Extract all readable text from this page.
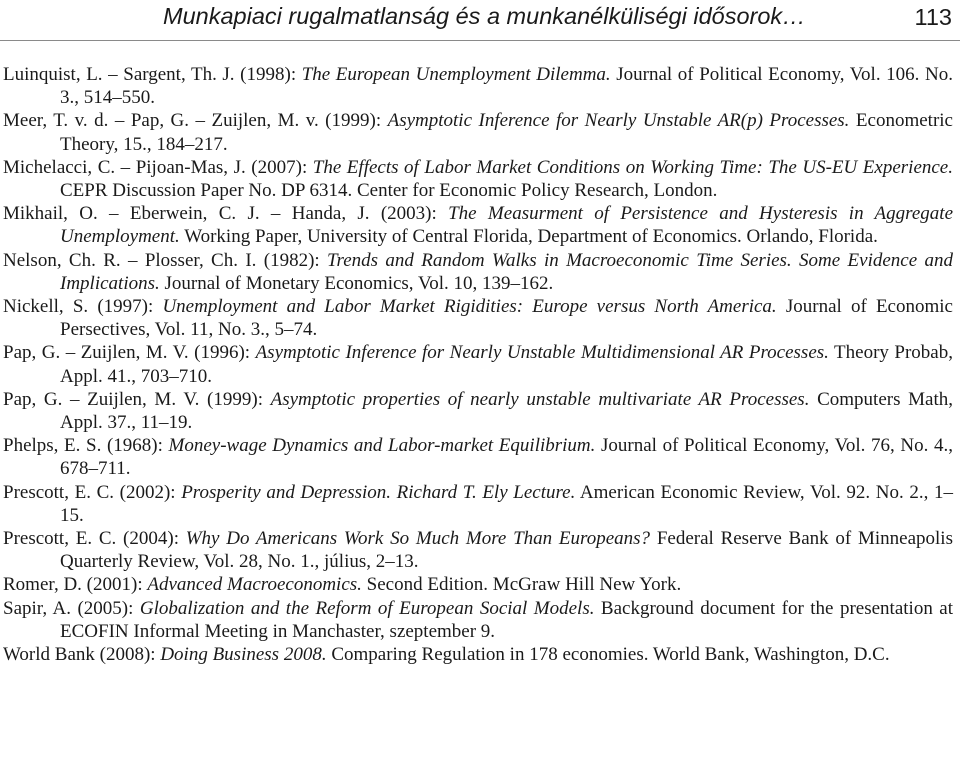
Munkapiaci rugalmatlanság és a munkanélküliségi idősorok…	113
Luinquist, L. – Sargent, Th. J. (1998): The European Unemployment Dilemma. Journal of Political Economy, Vol. 106. No. 3., 514–550.
Meer, T. v. d. – Pap, G. – Zuijlen, M. v. (1999): Asymptotic Inference for Nearly Unstable AR(p) Processes. Econometric Theory, 15., 184–217.
Michelacci, C. – Pijoan-Mas, J. (2007): The Effects of Labor Market Conditions on Working Time: The US-EU Experience. CEPR Discussion Paper No. DP 6314. Center for Economic Policy Research, London.
Mikhail, O. – Eberwein, C. J. – Handa, J. (2003): The Measurment of Persistence and Hysteresis in Aggregate Unemployment. Working Paper, University of Central Florida, Department of Economics. Orlando, Florida.
Nelson, Ch. R. – Plosser, Ch. I. (1982): Trends and Random Walks in Macroeconomic Time Series. Some Evidence and Implications. Journal of Monetary Economics, Vol. 10, 139–162.
Nickell, S. (1997): Unemployment and Labor Market Rigidities: Europe versus North America. Journal of Economic Persectives, Vol. 11, No. 3., 5–74.
Pap, G. – Zuijlen, M. V. (1996): Asymptotic Inference for Nearly Unstable Multidimensional AR Processes. Theory Probab, Appl. 41., 703–710.
Pap, G. – Zuijlen, M. V. (1999): Asymptotic properties of nearly unstable multivariate AR Processes. Computers Math, Appl. 37., 11–19.
Phelps, E. S. (1968): Money-wage Dynamics and Labor-market Equilibrium. Journal of Political Economy, Vol. 76, No. 4., 678–711.
Prescott, E. C. (2002): Prosperity and Depression. Richard T. Ely Lecture. American Economic Review, Vol. 92. No. 2., 1–15.
Prescott, E. C. (2004): Why Do Americans Work So Much More Than Europeans? Federal Reserve Bank of Minneapolis Quarterly Review, Vol. 28, No. 1., július, 2–13.
Romer, D. (2001): Advanced Macroeconomics. Second Edition. McGraw Hill New York.
Sapir, A. (2005): Globalization and the Reform of European Social Models. Background document for the presentation at ECOFIN Informal Meeting in Manchaster, szeptember 9.
World Bank (2008): Doing Business 2008. Comparing Regulation in 178 economies. World Bank, Washington, D.C.
